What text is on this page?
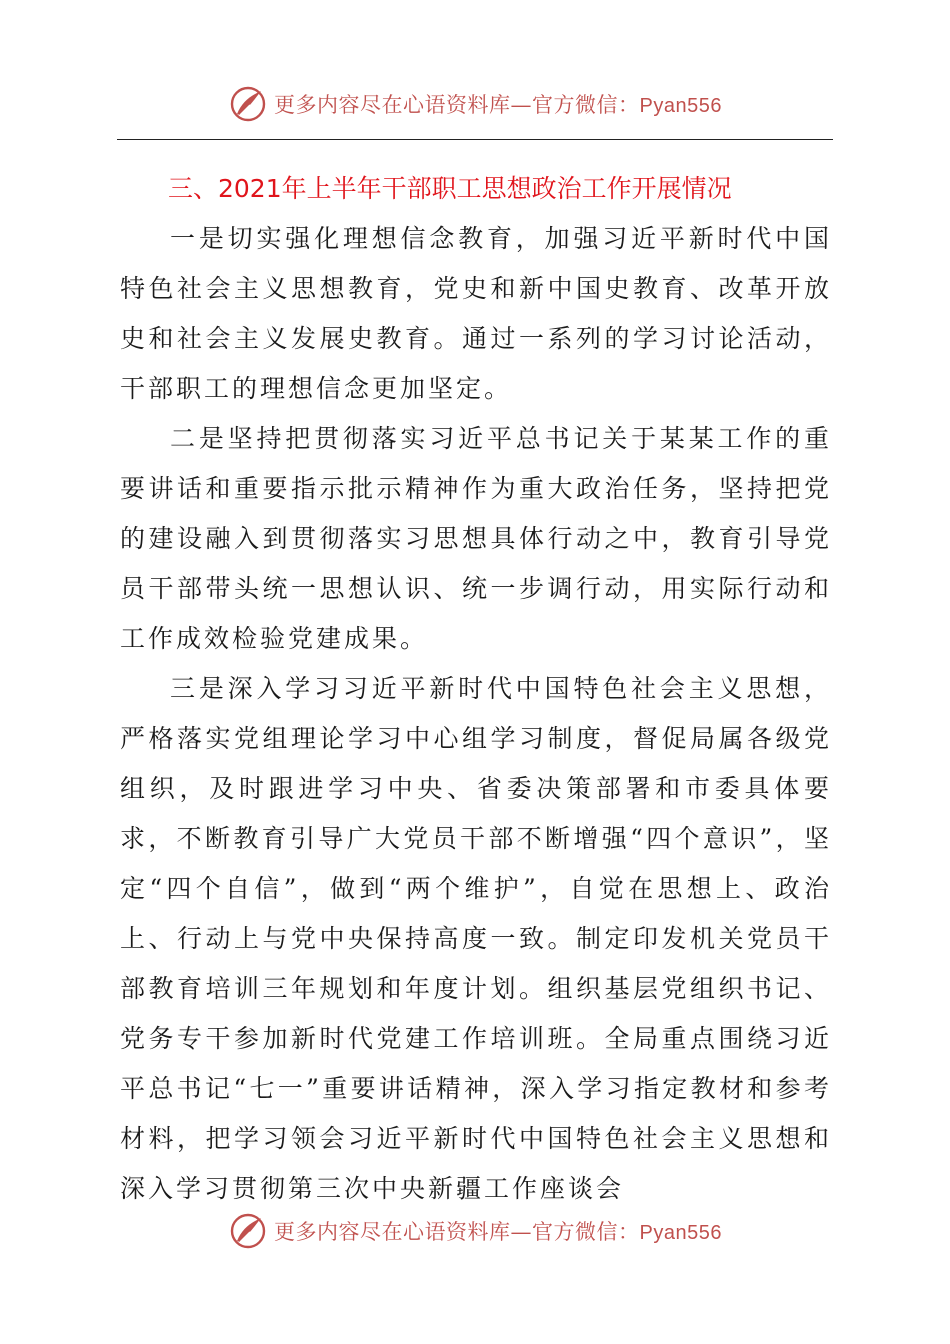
更多内容尽在心语资料库—官方微信：Pyan556

三、2021年上半年干部职工思想政治工作开展情况

一是切实强化理想信念教育，加强习近平新时代中国特色社会主义思想教育，党史和新中国史教育、改革开放史和社会主义发展史教育。通过一系列的学习讨论活动，干部职工的理想信念更加坚定。

二是坚持把贯彻落实习近平总书记关于某某工作的重要讲话和重要指示批示精神作为重大政治任务，坚持把党的建设融入到贯彻落实习思想具体行动之中，教育引导党员干部带头统一思想认识、统一步调行动，用实际行动和工作成效检验党建成果。

三是深入学习习近平新时代中国特色社会主义思想，严格落实党组理论学习中心组学习制度，督促局属各级党组织，及时跟进学习中央、省委决策部署和市委具体要求，不断教育引导广大党员干部不断增强“四个意识”，坚定“四个自信”，做到“两个维护”，自觉在思想上、政治上、行动上与党中央保持高度一致。制定印发机关党员干部教育培训三年规划和年度计划。组织基层党组织书记、党务专干参加新时代党建工作培训班。全局重点围绕习近平总书记“七一”重要讲话精神，深入学习指定教材和参考材料，把学习领会习近平新时代中国特色社会主义思想和深入学习贯彻第三次中央新疆工作座谈会

更多内容尽在心语资料库—官方微信：Pyan556
